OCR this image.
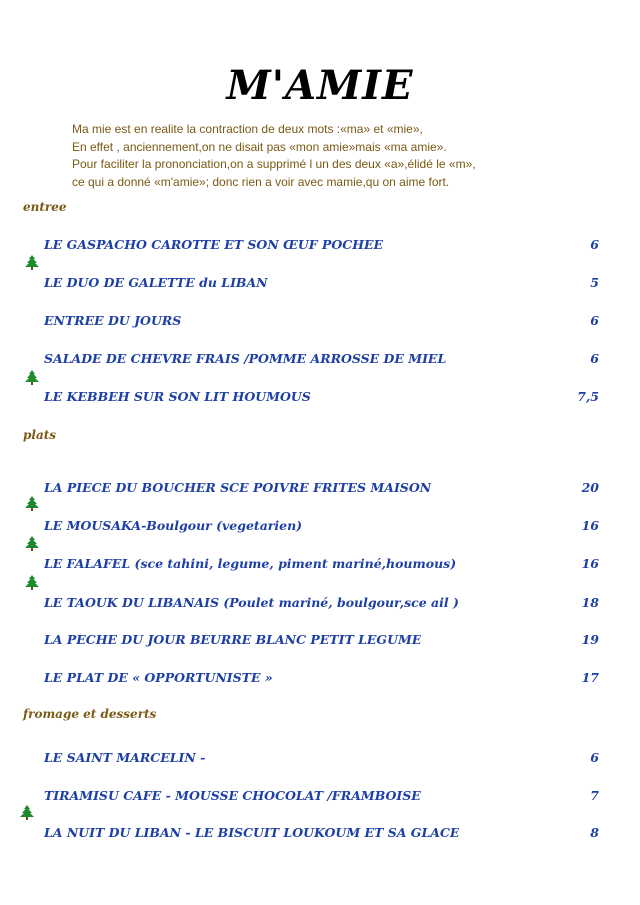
M'AMIE
Ma mie est en realite la contraction de deux mots :«ma» et «mie»,
En effet , anciennement,on ne disait pas «mon amie»mais «ma amie».
Pour faciliter la prononciation,on a supprimé l un des deux «a»,élidé le «m»,
ce qui a donné «m'amie»; donc rien a voir avec mamie,qu on aime fort.
entree
LE GASPACHO CAROTTE ET SON ŒUF POCHEE	6
LE DUO DE GALETTE du LIBAN	5
ENTREE DU JOURS	6
SALADE DE CHEVRE FRAIS /POMME ARROSSE DE MIEL	6
LE KEBBEH SUR SON LIT HOUMOUS	7,5
plats
LA PIECE DU BOUCHER SCE POIVRE FRITES MAISON	20
LE MOUSAKA-Boulgour (vegetarien)	16
LE FALAFEL (sce tahini, legume, piment mariné,houmous)	16
LE TAOUK DU LIBANAIS (Poulet mariné, boulgour,sce ail )	18
LA PECHE DU JOUR BEURRE BLANC PETIT LEGUME	19
LE PLAT DE « OPPORTUNISTE »	17
fromage et desserts
LE SAINT MARCELIN -	6
TIRAMISU CAFE - MOUSSE CHOCOLAT /FRAMBOISE	7
LA NUIT DU LIBAN - LE BISCUIT LOUKOUM ET SA GLACE	8
